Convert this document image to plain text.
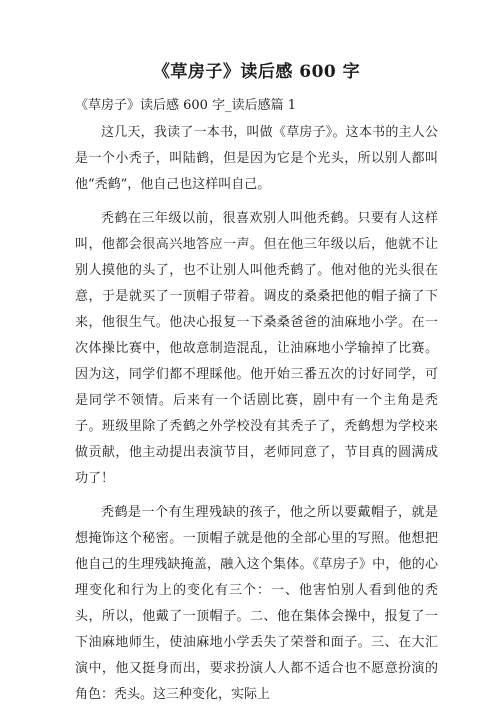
《草房子》读后感 600 字
《草房子》读后感 600 字_读后感篇 1

这几天，我读了一本书，叫做《草房子》。这本书的主人公是一个小秃子，叫陆鹤，但是因为它是个光头，所以别人都叫他“秃鹤”，他自己也这样叫自己。

秃鹤在三年级以前，很喜欢别人叫他秃鹤。只要有人这样叫，他都会很高兴地答应一声。但在他三年级以后，他就不让别人摸他的头了，也不让别人叫他秃鹤了。他对他的光头很在意，于是就买了一顶帽子带着。调皮的桑桑把他的帽子摘了下来，他很生气。他决心报复一下桑桑爸爸的油麻地小学。在一次体操比赛中，他故意制造混乱，让油麻地小学输掉了比赛。因为这，同学们都不理睬他。他开始三番五次的讨好同学，可是同学不领情。后来有一个话剧比赛，剧中有一个主角是秃子。班级里除了秃鹤之外学校没有其秃子了，秃鹤想为学校来做贡献，他主动提出表演节目，老师同意了，节目真的圆满成功了！

秃鹤是一个有生理残缺的孩子，他之所以要戴帽子，就是想掩饰这个秘密。一顶帽子就是他的全部心里的写照。他想把他自己的生理残缺掩盖，融入这个集体。《草房子》中，他的心理变化和行为上的变化有三个：一、他害怕别人看到他的秃头，所以，他戴了一顶帽子。二、他在集体会操中，报复了一下油麻地师生，使油麻地小学丢失了荣誉和面子。三、在大汇演中，他又挺身而出，要求扮演人人都不适合也不愿意扮演的角色：秃头。这三种变化，实际上
